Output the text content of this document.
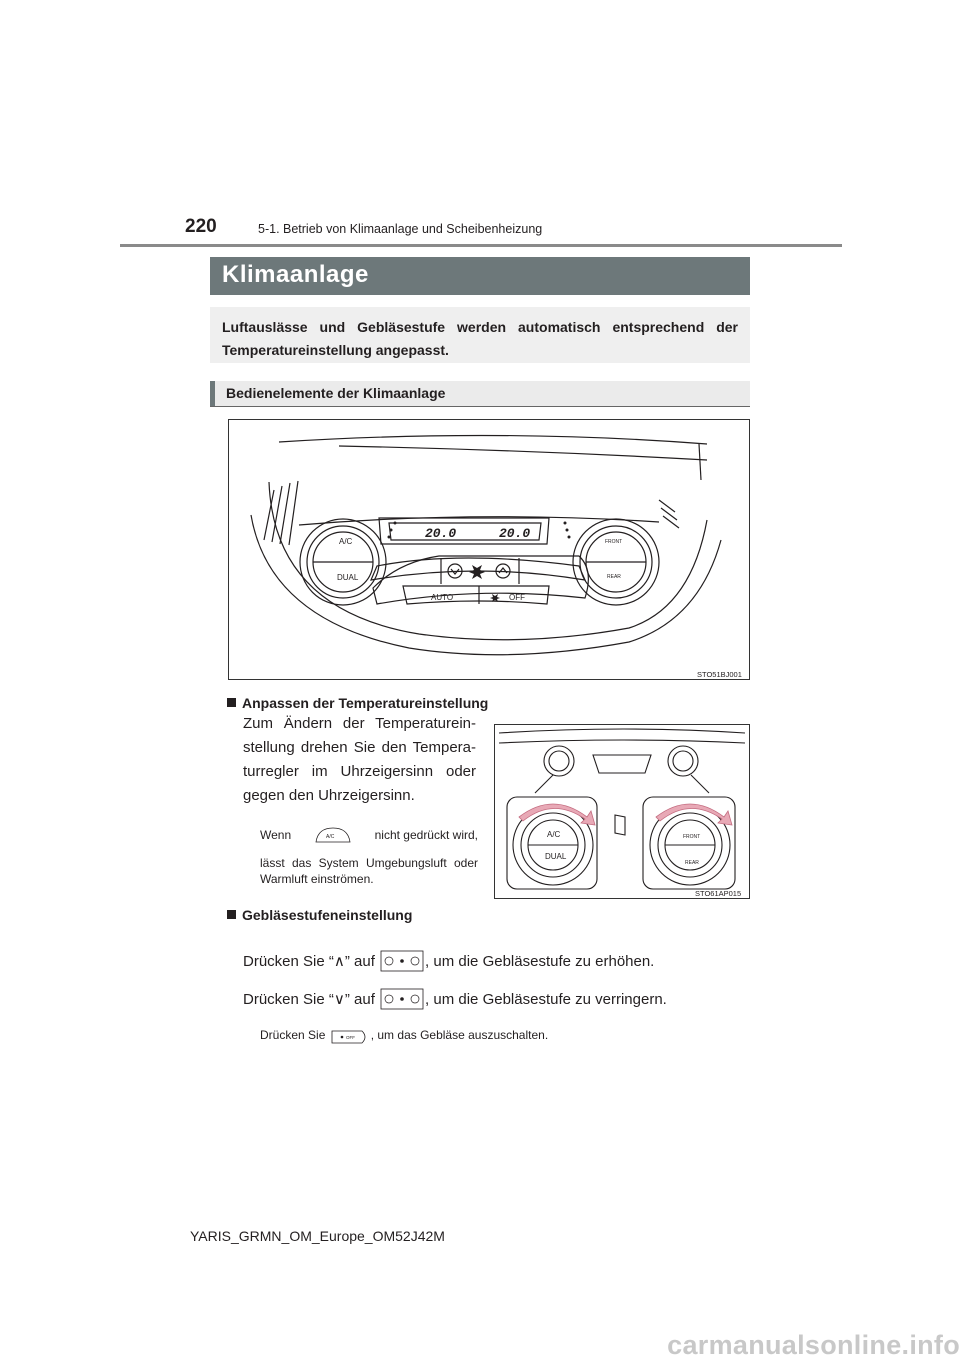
220	5-1. Betrieb von Klimaanlage und Scheibenheizung
Klimaanlage

Luftauslässe und Gebläsestufe werden automatisch entsprechend der Temperatureinstellung angepasst.

Bedienelemente der Klimaanlage
20.0	20.0
A/C
DUAL
AUTO	OFF
FRONT
REAR
STO51BJ001
Anpassen der Temperatureinstellung
Zum Ändern der Temperaturein-stellung drehen Sie den Tempera-turregler im Uhrzeigersinn oder gegen den Uhrzeigersinn.
Wenn	A/C	nicht gedrückt wird,
lässt das System Umgebungsluft oder Warmluft einströmen.
A/C
DUAL
FRONT
REAR
STO61AP015
Gebläsestufeneinstellung
Drücken Sie “∧” auf	, um die Gebläsestufe zu erhöhen.
Drücken Sie “∨” auf	, um die Gebläsestufe zu verringern.
Drücken Sie	OFF , um das Gebläse auszuschalten.
YARIS_GRMN_OM_Europe_OM52J42M
carmanualsonline.info
